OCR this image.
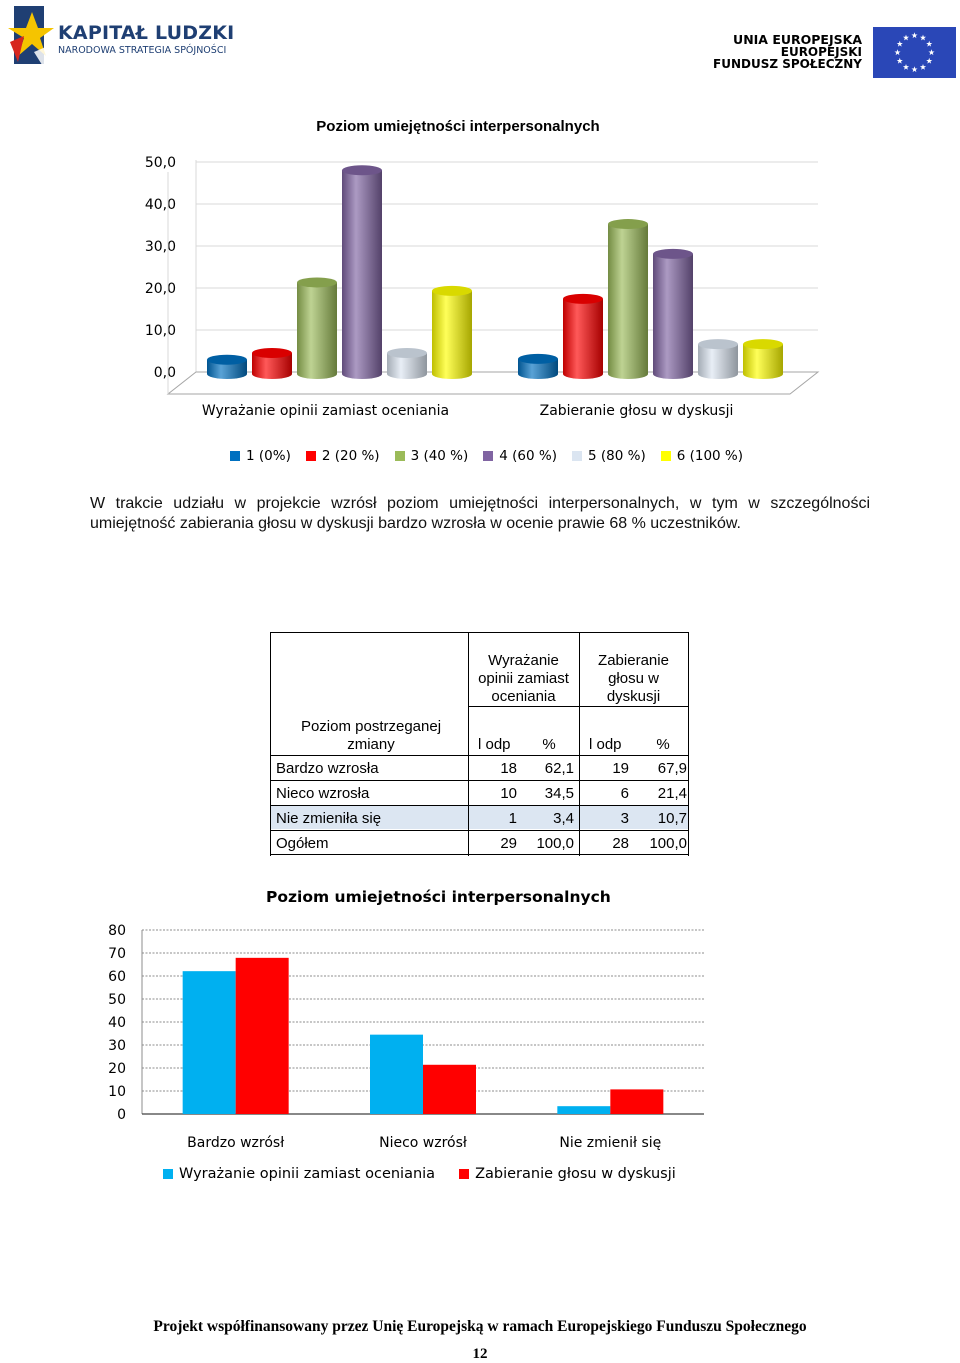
KAPITAŁ LUDZKI
NARODOWA STRATEGIA SPÓJNOŚCI
UNIA EUROPEJSKA
EUROPEJSKI
FUNDUSZ SPOŁECZNY
Poziom umiejętności interpersonalnych
0,0
10,0
20,0
30,0
40,0
50,0
Wyrażanie opinii zamiast oceniania	Zabieranie głosu w dyskusji
1 (0%) 2 (20 %) 3 (40 %) 4 (60 %) 5 (80 %) 6 (100 %)
W trakcie udziału w projekcie wzrósł poziom umiejętności interpersonalnych, w tym w szczególności umiejętność zabierania głosu w dyskusji bardzo wzrosła w ocenie prawie 68 % uczestników.
Wyrażanie opinii zamiast oceniania
Zabieranie głosu w dyskusji
Poziom postrzeganej zmiany	l odp	%	l odp	%
Bardzo wzrosła	18	62,1	19	67,9
Nieco wzrosła	10	34,5	6	21,4
Nie zmieniła się	1	3,4	3	10,7
Ogółem	29	100,0	28	100,0
Poziom umiejetności interpersonalnych
0
10
20
30
40
50
60
70
80
Bardzo wzrósł	Nieco wzrósł	Nie zmienił się
Wyrażanie opinii zamiast oceniania	Zabieranie głosu w dyskusji
Projekt współfinansowany przez Unię Europejską w ramach Europejskiego Funduszu Społecznego
12
